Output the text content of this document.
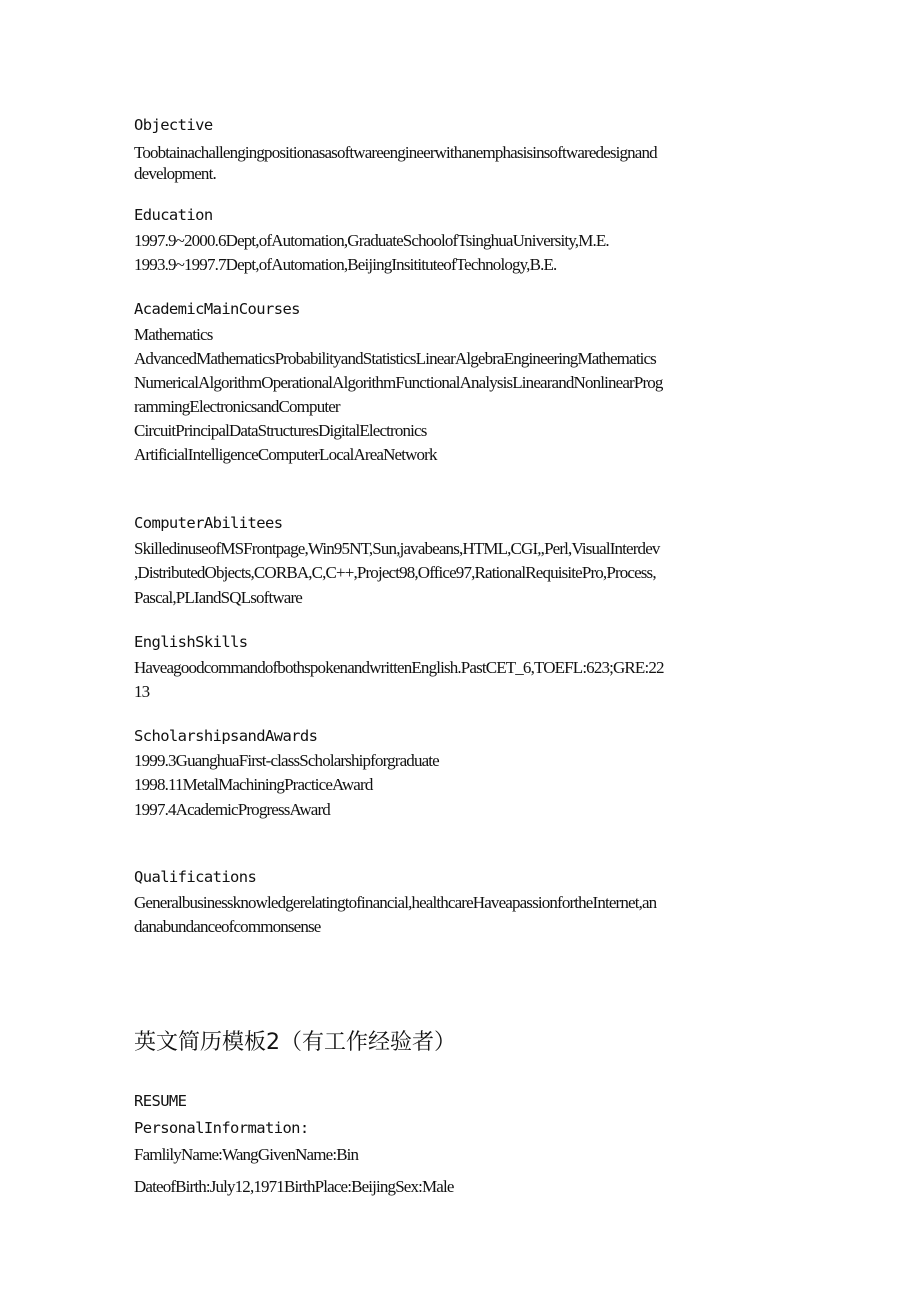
Objective
Toobtainachallengingpositionasasoftwareengineerwithanemphasisinsoftwaredesignand
development.
Education
1997.9~2000.6Dept,ofAutomation,GraduateSchoolofTsinghuaUniversity,M.E.
1993.9~1997.7Dept,ofAutomation,BeijingInsitituteofTechnology,B.E.
AcademicMainCourses
Mathematics
AdvancedMathematicsProbabilityandStatisticsLinearAlgebraEngineeringMathematics
NumericalAlgorithmOperationalAlgorithmFunctionalAnalysisLinearandNonlinearProg
rammingElectronicsandComputer
CircuitPrincipalDataStructuresDigitalElectronics
ArtificialIntelligenceComputerLocalAreaNetwork
ComputerAbilitees
SkilledinuseofMSFrontpage,Win95NT,Sun,javabeans,HTML,CGI,,Perl,VisualInterdev
,DistributedObjects,CORBA,C,C++,Project98,Office97,RationalRequisitePro,Process,
Pascal,PLIandSQLsoftware
EnglishSkills
HaveagoodcommandofbothspokenandwrittenEnglish.PastCET_6,TOEFL:623;GRE:22
13
ScholarshipsandAwards
1999.3GuanghuaFirst-classScholarshipforgraduate
1998.11MetalMachiningPracticeAward
1997.4AcademicProgressAward
Qualifications
Generalbusinessknowledgerelatingtofinancial,healthcareHaveapassionfortheInternet,an
danabundanceofcommonsense
英文简历模板2（有工作经验者）
RESUME
PersonalInformation:
FamlilyName:WangGivenName:Bin
DateofBirth:July12,1971BirthPlace:BeijingSex:Male
